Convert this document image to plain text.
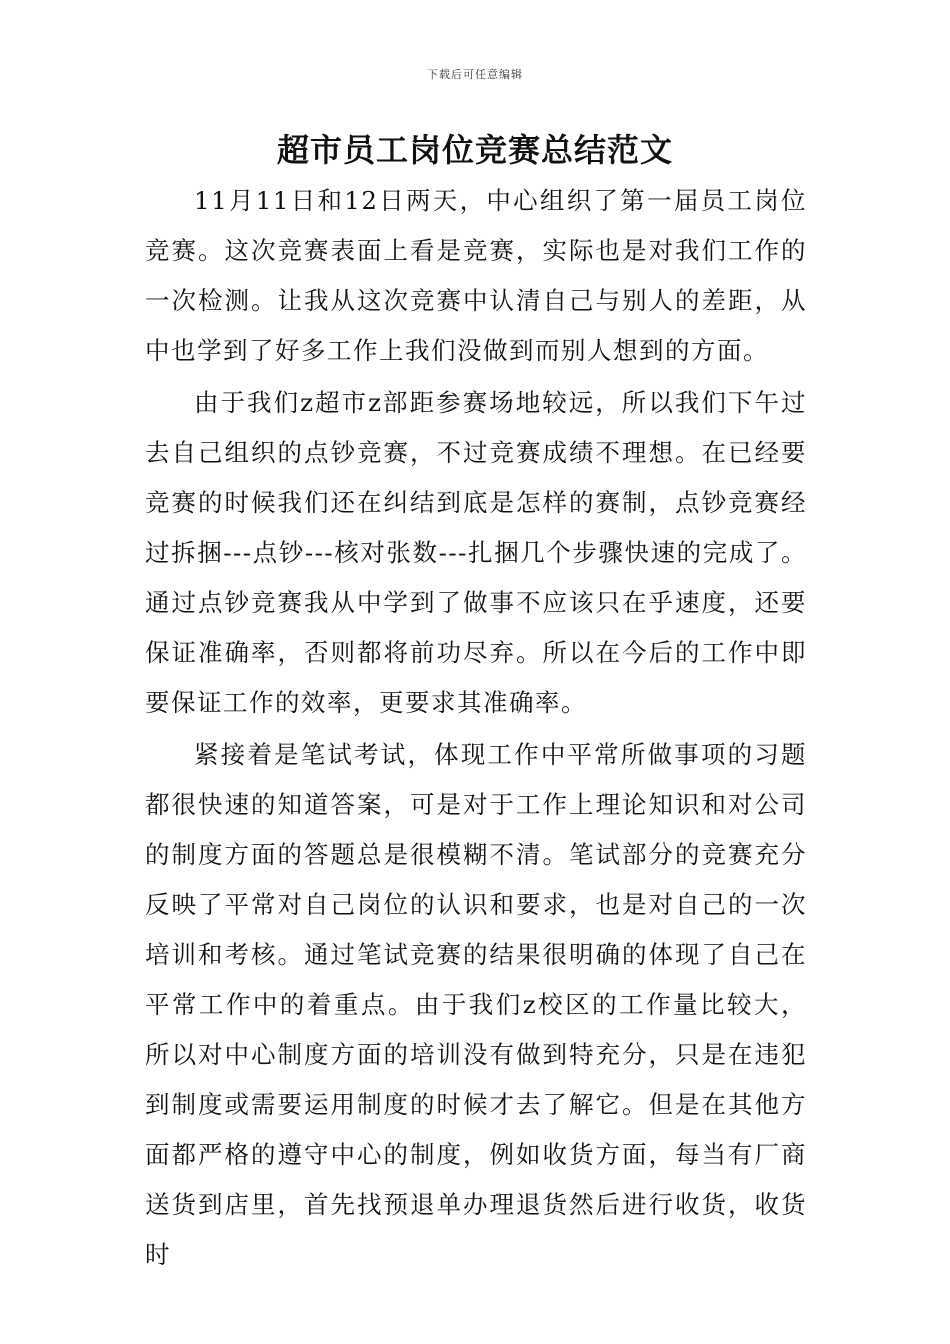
下载后可任意编辑
超市员工岗位竞赛总结范文

11月11日和12日两天，中心组织了第一届员工岗位竞赛。这次竞赛表面上看是竞赛，实际也是对我们工作的一次检测。让我从这次竞赛中认清自己与别人的差距，从中也学到了好多工作上我们没做到而别人想到的方面。

由于我们z超市z部距参赛场地较远，所以我们下午过去自己组织的点钞竞赛，不过竞赛成绩不理想。在已经要竞赛的时候我们还在纠结到底是怎样的赛制，点钞竞赛经过拆捆---点钞---核对张数---扎捆几个步骤快速的完成了。通过点钞竞赛我从中学到了做事不应该只在乎速度，还要保证准确率，否则都将前功尽弃。所以在今后的工作中即要保证工作的效率，更要求其准确率。

紧接着是笔试考试，体现工作中平常所做事项的习题都很快速的知道答案，可是对于工作上理论知识和对公司的制度方面的答题总是很模糊不清。笔试部分的竞赛充分反映了平常对自己岗位的认识和要求，也是对自己的一次培训和考核。通过笔试竞赛的结果很明确的体现了自己在平常工作中的着重点。由于我们z校区的工作量比较大，所以对中心制度方面的培训没有做到特充分，只是在违犯到制度或需要运用制度的时候才去了解它。但是在其他方面都严格的遵守中心的制度，例如收货方面，每当有厂商送货到店里，首先找预退单办理退货然后进行收货，收货时
